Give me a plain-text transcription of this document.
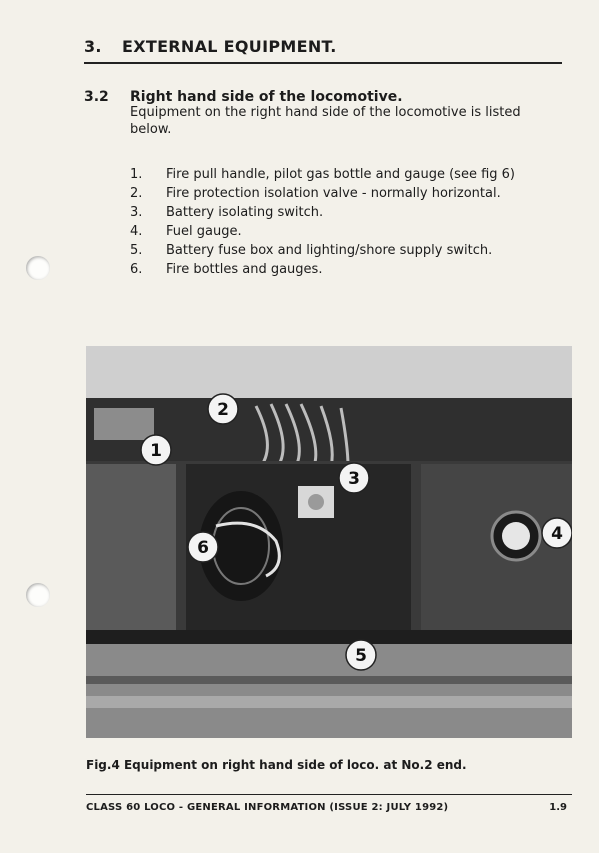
3. EXTERNAL EQUIPMENT.
3.2 Right hand side of the locomotive.
Equipment on the right hand side of the locomotive is listed below.
1. Fire pull handle, pilot gas bottle and gauge (see fig 6)
2. Fire protection isolation valve - normally horizontal.
3. Battery isolating switch.
4. Fuel gauge.
5. Battery fuse box and lighting/shore supply switch.
6. Fire bottles and gauges.
1
2
3
4
5
6
Fig.4 Equipment on right hand side of loco. at No.2 end.
CLASS 60 LOCO - GENERAL INFORMATION (ISSUE 2: JULY 1992)	1.9
